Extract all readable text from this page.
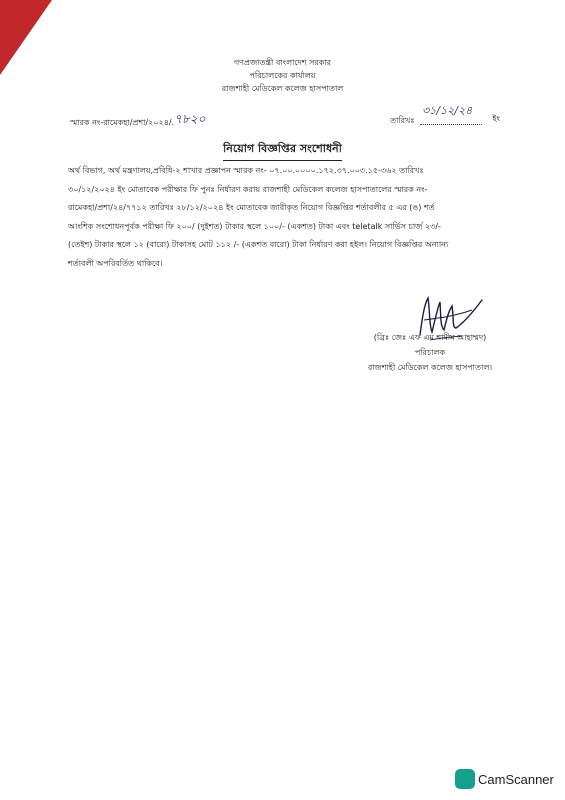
গণপ্রজাতন্ত্রী বাংলাদেশ সরকার
পরিচালকের কার্যালয়
রাজশাহী মেডিকেল কলেজ হাসপাতাল
স্মারক নং-রামেকহা/প্রশা/২০২৪/.৭৮২০	তারিখঃ
৩১/১২/২৪
ইং
নিয়োগ বিজ্ঞপ্তির সংশোধনী
অর্থ বিভাগ, অর্থ মন্ত্রণালয়,প্রবিধি-২ শাখার প্রজ্ঞাপন স্মারক নং- ০৭.০০.০০০০.১৭২.৩৭.০০৩.১৫-৩৬২ তারিখঃ
৩০/১২/২০২৪ ইং মোতাবেক পরীক্ষার ফি পুনঃ নির্ধারণ করায় রাজশাহী মেডিকেল কলেজ হাসপাতালের স্মারক নং-
রামেকহা/প্রশা/২৪/৭৭১২ তারিখঃ ২৮/১২/২০২৪ ইং মোতাবেক জারীকৃত নিয়োগ বিজ্ঞপ্তির শর্তাবলীর ৫ এর (ঙ) শর্ত
আংশিক সংশোধনপূর্বক পরীক্ষা ফি ২০০/ (দুইশত) টাকার স্থলে ১০০/- (একশত) টাকা এবং teletalk সার্ভিস চার্জ ২৩/-
(তেইশ) টাকার স্থলে ১২ (বারো) টাকাসহ মোট ১১২ /- (একশত বারো) টাকা নির্ধারণ করা হইল। নিয়োগ বিজ্ঞপ্তির অন্যান্য
শর্তাবলী অপরিবর্তিত থাকিবে।
(ব্রিঃ জেঃ এফ এম শামীম আহাম্মদ)
পরিচালক
রাজশাহী মেডিকেল কলেজ হাসপাতাল।
CamScanner
